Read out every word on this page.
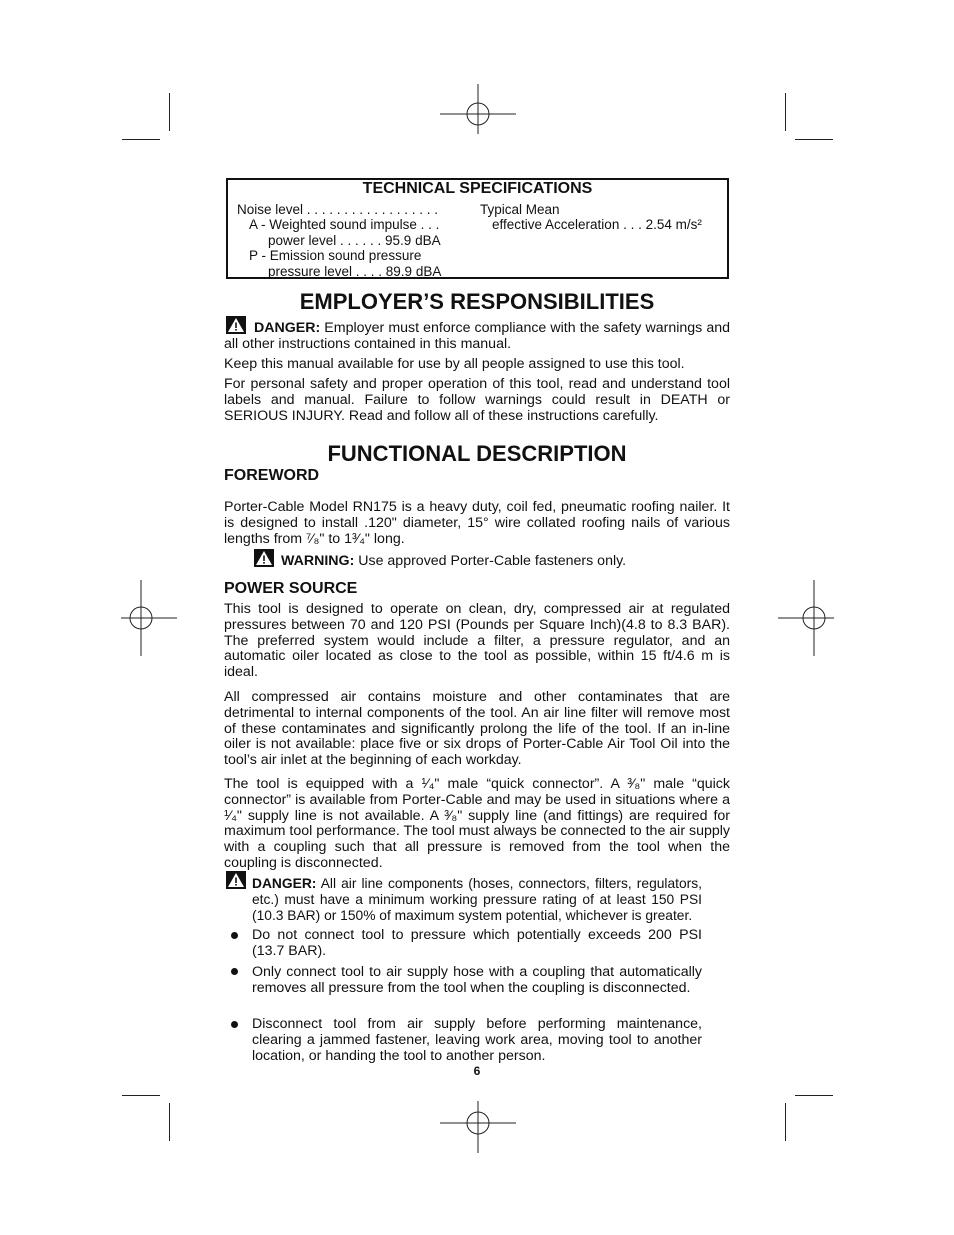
TECHNICAL SPECIFICATIONS
Noise level . . . . . . . . . . . . . . . . . .
A - Weighted sound impulse . . .
power level . . . . . . 95.9 dBA
P - Emission sound pressure
pressure level . . . . 89.9 dBA
Typical Mean
effective Acceleration . . . 2.54 m/s²
EMPLOYER’S RESPONSIBILITIES

DANGER: Employer must enforce compliance with the safety warnings and all other instructions contained in this manual.

Keep this manual available for use by all people assigned to use this tool.

For personal safety and proper operation of this tool, read and understand tool labels and manual. Failure to follow warnings could result in DEATH or SERIOUS INJURY. Read and follow all of these instructions carefully.

FUNCTIONAL DESCRIPTION
FOREWORD

Porter-Cable Model RN175 is a heavy duty, coil fed, pneumatic roofing nailer. It is designed to install .120" diameter, 15° wire collated roofing nails of various lengths from ⁷⁄₈" to 1³⁄₄" long.

WARNING: Use approved Porter-Cable fasteners only.

POWER SOURCE

This tool is designed to operate on clean, dry, compressed air at regulated pressures between 70 and 120 PSI (Pounds per Square Inch)(4.8 to 8.3 BAR). The preferred system would include a filter, a pressure regulator, and an automatic oiler located as close to the tool as possible, within 15 ft/4.6 m is ideal.

All compressed air contains moisture and other contaminates that are detrimental to internal components of the tool. An air line filter will remove most of these contaminates and significantly prolong the life of the tool. If an in-line oiler is not available: place five or six drops of Porter-Cable Air Tool Oil into the tool’s air inlet at the beginning of each workday.

The tool is equipped with a ¹⁄₄" male “quick connector”. A ³⁄₈" male “quick connector” is available from Porter-Cable and may be used in situations where a ¹⁄₄" supply line is not available. A ³⁄₈" supply line (and fittings) are required for maximum tool performance. The tool must always be connected to the air supply with a coupling such that all pressure is removed from the tool when the coupling is disconnected.

DANGER: All air line components (hoses, connectors, filters, regulators, etc.) must have a minimum working pressure rating of at least 150 PSI (10.3 BAR) or 150% of maximum system potential, whichever is greater.

Do not connect tool to pressure which potentially exceeds 200 PSI (13.7 BAR).

Only connect tool to air supply hose with a coupling that automatically removes all pressure from the tool when the coupling is disconnected.

Disconnect tool from air supply before performing maintenance, clearing a jammed fastener, leaving work area, moving tool to another location, or handing the tool to another person.

6
